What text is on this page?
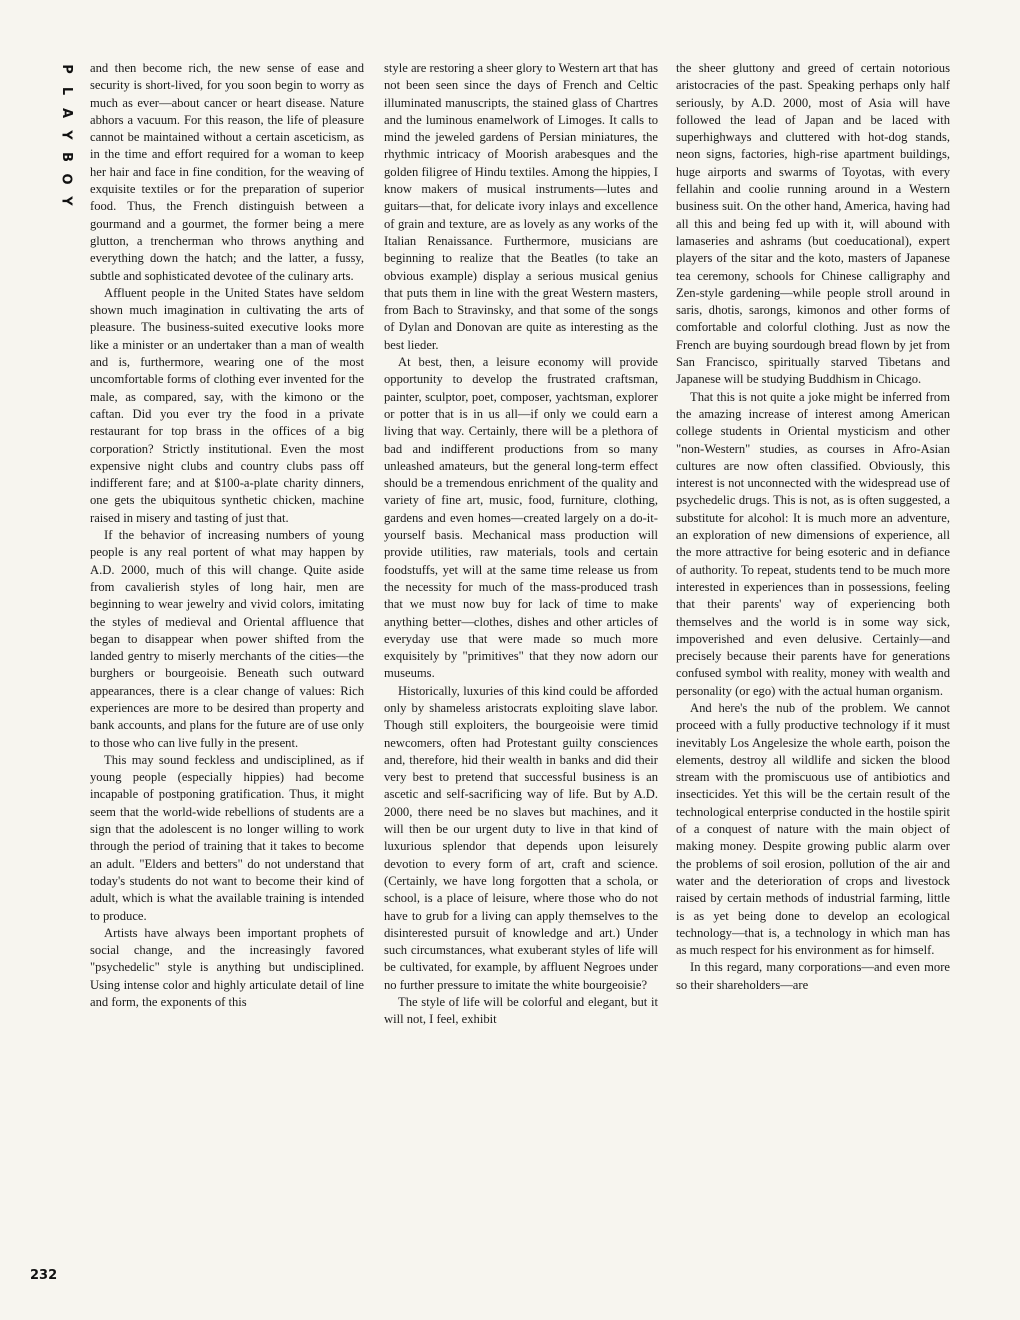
P
L
A
Y
B
O
Y
232

and then become rich, the new sense of ease and security is short-lived, for you soon begin to worry as much as ever—about cancer or heart disease. Nature abhors a vacuum. For this reason, the life of pleasure cannot be maintained without a certain asceticism, as in the time and effort required for a woman to keep her hair and face in fine condition, for the weaving of exquisite textiles or for the preparation of superior food. Thus, the French distinguish between a gourmand and a gourmet, the former being a mere glutton, a trencherman who throws anything and everything down the hatch; and the latter, a fussy, subtle and sophisticated devotee of the culinary arts.

Affluent people in the United States have seldom shown much imagination in cultivating the arts of pleasure. The business-suited executive looks more like a minister or an undertaker than a man of wealth and is, furthermore, wearing one of the most uncomfortable forms of clothing ever invented for the male, as compared, say, with the kimono or the caftan. Did you ever try the food in a private restaurant for top brass in the offices of a big corporation? Strictly institutional. Even the most expensive night clubs and country clubs pass off indifferent fare; and at $100-a-plate charity dinners, one gets the ubiquitous synthetic chicken, machine raised in misery and tasting of just that.

If the behavior of increasing numbers of young people is any real portent of what may happen by A.D. 2000, much of this will change. Quite aside from cavalierish styles of long hair, men are beginning to wear jewelry and vivid colors, imitating the styles of medieval and Oriental affluence that began to disappear when power shifted from the landed gentry to miserly merchants of the cities—the burghers or bourgeoisie. Beneath such outward appearances, there is a clear change of values: Rich experiences are more to be desired than property and bank accounts, and plans for the future are of use only to those who can live fully in the present.

This may sound feckless and undisciplined, as if young people (especially hippies) had become incapable of postponing gratification. Thus, it might seem that the world-wide rebellions of students are a sign that the adolescent is no longer willing to work through the period of training that it takes to become an adult. "Elders and betters" do not understand that today's students do not want to become their kind of adult, which is what the available training is intended to produce.

Artists have always been important prophets of social change, and the increasingly favored "psychedelic" style is anything but undisciplined. Using intense color and highly articulate detail of line and form, the exponents of this

style are restoring a sheer glory to Western art that has not been seen since the days of French and Celtic illuminated manuscripts, the stained glass of Chartres and the luminous enamelwork of Limoges. It calls to mind the jeweled gardens of Persian miniatures, the rhythmic intricacy of Moorish arabesques and the golden filigree of Hindu textiles. Among the hippies, I know makers of musical instruments—lutes and guitars—that, for delicate ivory inlays and excellence of grain and texture, are as lovely as any works of the Italian Renaissance. Furthermore, musicians are beginning to realize that the Beatles (to take an obvious example) display a serious musical genius that puts them in line with the great Western masters, from Bach to Stravinsky, and that some of the songs of Dylan and Donovan are quite as interesting as the best lieder.

At best, then, a leisure economy will provide opportunity to develop the frustrated craftsman, painter, sculptor, poet, composer, yachtsman, explorer or potter that is in us all—if only we could earn a living that way. Certainly, there will be a plethora of bad and indifferent productions from so many unleashed amateurs, but the general long-term effect should be a tremendous enrichment of the quality and variety of fine art, music, food, furniture, clothing, gardens and even homes—created largely on a do-it-yourself basis. Mechanical mass production will provide utilities, raw materials, tools and certain foodstuffs, yet will at the same time release us from the necessity for much of the mass-produced trash that we must now buy for lack of time to make anything better—clothes, dishes and other articles of everyday use that were made so much more exquisitely by "primitives" that they now adorn our museums.

Historically, luxuries of this kind could be afforded only by shameless aristocrats exploiting slave labor. Though still exploiters, the bourgeoisie were timid newcomers, often had Protestant guilty consciences and, therefore, hid their wealth in banks and did their very best to pretend that successful business is an ascetic and self-sacrificing way of life. But by A.D. 2000, there need be no slaves but machines, and it will then be our urgent duty to live in that kind of luxurious splendor that depends upon leisurely devotion to every form of art, craft and science. (Certainly, we have long forgotten that a schola, or school, is a place of leisure, where those who do not have to grub for a living can apply themselves to the disinterested pursuit of knowledge and art.) Under such circumstances, what exuberant styles of life will be cultivated, for example, by affluent Negroes under no further pressure to imitate the white bourgeoisie?

The style of life will be colorful and elegant, but it will not, I feel, exhibit

the sheer gluttony and greed of certain notorious aristocracies of the past. Speaking perhaps only half seriously, by A.D. 2000, most of Asia will have followed the lead of Japan and be laced with superhighways and cluttered with hot-dog stands, neon signs, factories, high-rise apartment buildings, huge airports and swarms of Toyotas, with every fellahin and coolie running around in a Western business suit. On the other hand, America, having had all this and being fed up with it, will abound with lamaseries and ashrams (but coeducational), expert players of the sitar and the koto, masters of Japanese tea ceremony, schools for Chinese calligraphy and Zen-style gardening—while people stroll around in saris, dhotis, sarongs, kimonos and other forms of comfortable and colorful clothing. Just as now the French are buying sourdough bread flown by jet from San Francisco, spiritually starved Tibetans and Japanese will be studying Buddhism in Chicago.

That this is not quite a joke might be inferred from the amazing increase of interest among American college students in Oriental mysticism and other "non-Western" studies, as courses in Afro-Asian cultures are now often classified. Obviously, this interest is not unconnected with the widespread use of psychedelic drugs. This is not, as is often suggested, a substitute for alcohol: It is much more an adventure, an exploration of new dimensions of experience, all the more attractive for being esoteric and in defiance of authority. To repeat, students tend to be much more interested in experiences than in possessions, feeling that their parents' way of experiencing both themselves and the world is in some way sick, impoverished and even delusive. Certainly—and precisely because their parents have for generations confused symbol with reality, money with wealth and personality (or ego) with the actual human organism.

And here's the nub of the problem. We cannot proceed with a fully productive technology if it must inevitably Los Angelesize the whole earth, poison the elements, destroy all wildlife and sicken the blood stream with the promiscuous use of antibiotics and insecticides. Yet this will be the certain result of the technological enterprise conducted in the hostile spirit of a conquest of nature with the main object of making money. Despite growing public alarm over the problems of soil erosion, pollution of the air and water and the deterioration of crops and livestock raised by certain methods of industrial farming, little is as yet being done to develop an ecological technology—that is, a technology in which man has as much respect for his environment as for himself.

In this regard, many corporations—and even more so their shareholders—are
